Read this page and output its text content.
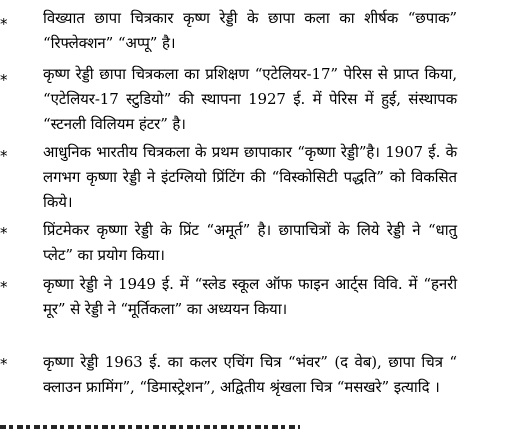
*	विख्यात छापा चित्रकार कृष्ण रेड्डी के छापा कला का शीर्षक “छपाक” “रिफ्लेक्शन” “अप्पू” है।
*	कृष्ण रेड्डी छापा चित्रकला का प्रशिक्षण “एटेलियर-17” पेरिस से प्राप्त किया, “एटेलियर-17 स्टुडियो” की स्थापना 1927 ई. में पेरिस में हुई, संस्थापक “स्टनली विलियम हंटर” है।
*	आधुनिक भारतीय चित्रकला के प्रथम छापाकार “कृष्णा रेड्डी”है। 1907 ई. के लगभग कृष्णा रेड्डी ने इंटग्लियो प्रिंटिंग की “विस्कोसिटी पद्धति” को विकसित किये।
*	प्रिंटमेकर कृष्णा रेड्डी के प्रिंट “अमूर्त” है। छापाचित्रों के लिये रेड्डी ने “धातु प्लेट” का प्रयोग किया।
*	कृष्णा रेड्डी ने 1949 ई. में “स्लेड स्कूल ऑफ फाइन आर्ट्स विवि. में “हनरी मूर” से रेड्डी ने “मूर्तिकला” का अध्ययन किया।
*	कृष्णा रेड्डी 1963 ई. का कलर एचिंग चित्र “भंवर” (द वेब), छापा चित्र “ क्लाउन फ्रामिंग”, “डिमास्ट्रेशन”, अद्वितीय श्रृंखला चित्र “मसखरे” इत्यादि ।
